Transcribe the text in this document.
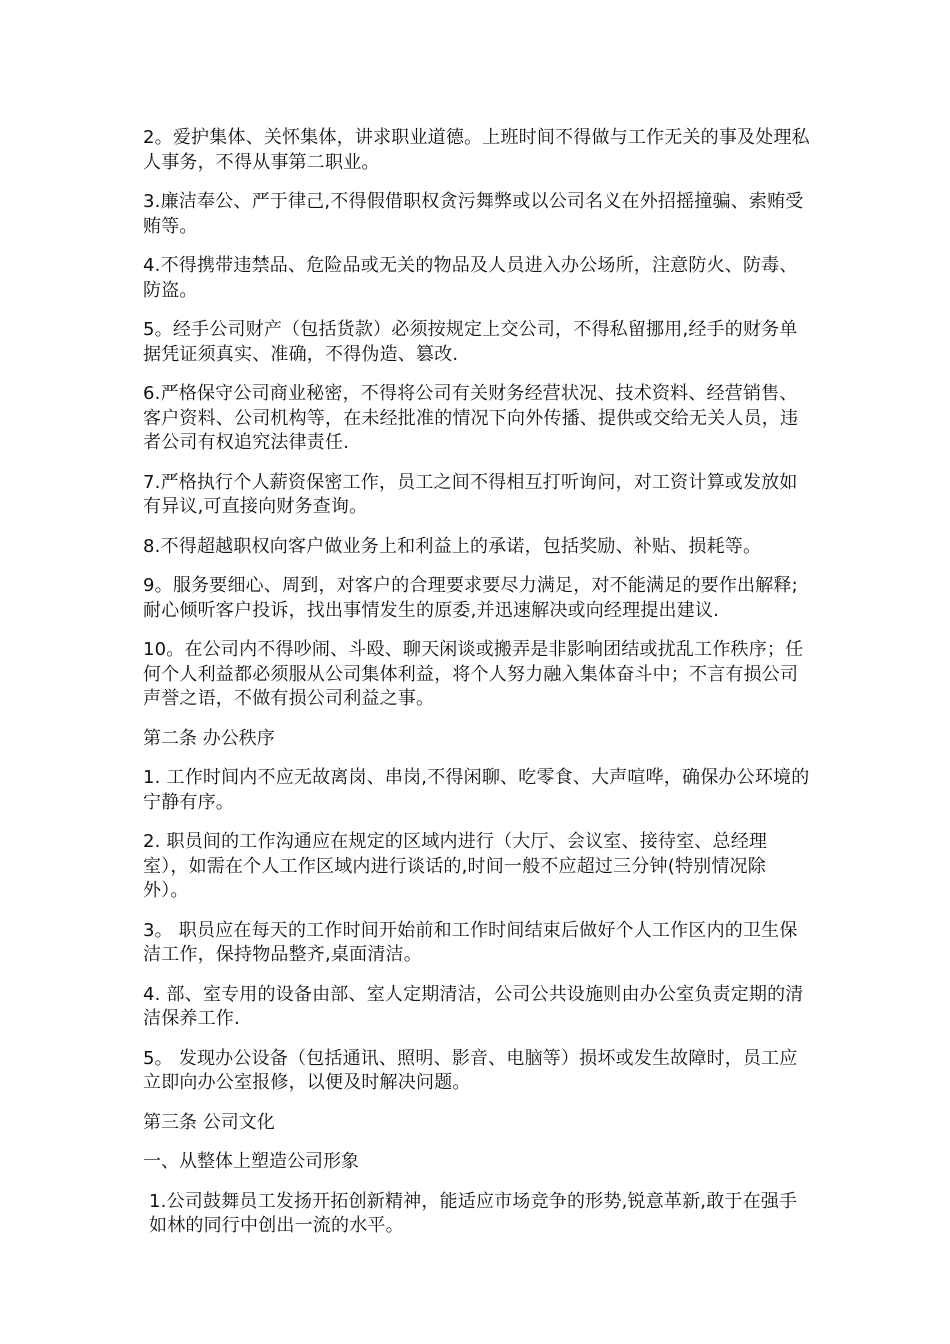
2。爱护集体、关怀集体，讲求职业道德。上班时间不得做与工作无关的事及处理私人事务，不得从事第二职业。

3.廉洁奉公、严于律己,不得假借职权贪污舞弊或以公司名义在外招摇撞骗、索贿受贿等。

4.不得携带违禁品、危险品或无关的物品及人员进入办公场所，注意防火、防毒、防盗。

5。经手公司财产（包括货款）必须按规定上交公司，不得私留挪用,经手的财务单据凭证须真实、准确，不得伪造、篡改.

6.严格保守公司商业秘密，不得将公司有关财务经营状况、技术资料、经营销售、客户资料、公司机构等，在未经批准的情况下向外传播、提供或交给无关人员，违者公司有权追究法律责任.

7.严格执行个人薪资保密工作，员工之间不得相互打听询问，对工资计算或发放如有异议,可直接向财务查询。

8.不得超越职权向客户做业务上和利益上的承诺，包括奖励、补贴、损耗等。

9。服务要细心、周到，对客户的合理要求要尽力满足，对不能满足的要作出解释;耐心倾听客户投诉，找出事情发生的原委,并迅速解决或向经理提出建议.

10。在公司内不得吵闹、斗殴、聊天闲谈或搬弄是非影响团结或扰乱工作秩序；任何个人利益都必须服从公司集体利益，将个人努力融入集体奋斗中；不言有损公司声誉之语，不做有损公司利益之事。

第二条 办公秩序

1. 工作时间内不应无故离岗、串岗,不得闲聊、吃零食、大声喧哗，确保办公环境的宁静有序。

2. 职员间的工作沟通应在规定的区域内进行（大厅、会议室、接待室、总经理室），如需在个人工作区域内进行谈话的,时间一般不应超过三分钟(特别情况除外）。

3。 职员应在每天的工作时间开始前和工作时间结束后做好个人工作区内的卫生保洁工作，保持物品整齐,桌面清洁。

4. 部、室专用的设备由部、室人定期清洁，公司公共设施则由办公室负责定期的清洁保养工作.

5。 发现办公设备（包括通讯、照明、影音、电脑等）损坏或发生故障时，员工应立即向办公室报修，以便及时解决问题。

第三条 公司文化

一、从整体上塑造公司形象

1.公司鼓舞员工发扬开拓创新精神，能适应市场竞争的形势,锐意革新,敢于在强手如林的同行中创出一流的水平。
